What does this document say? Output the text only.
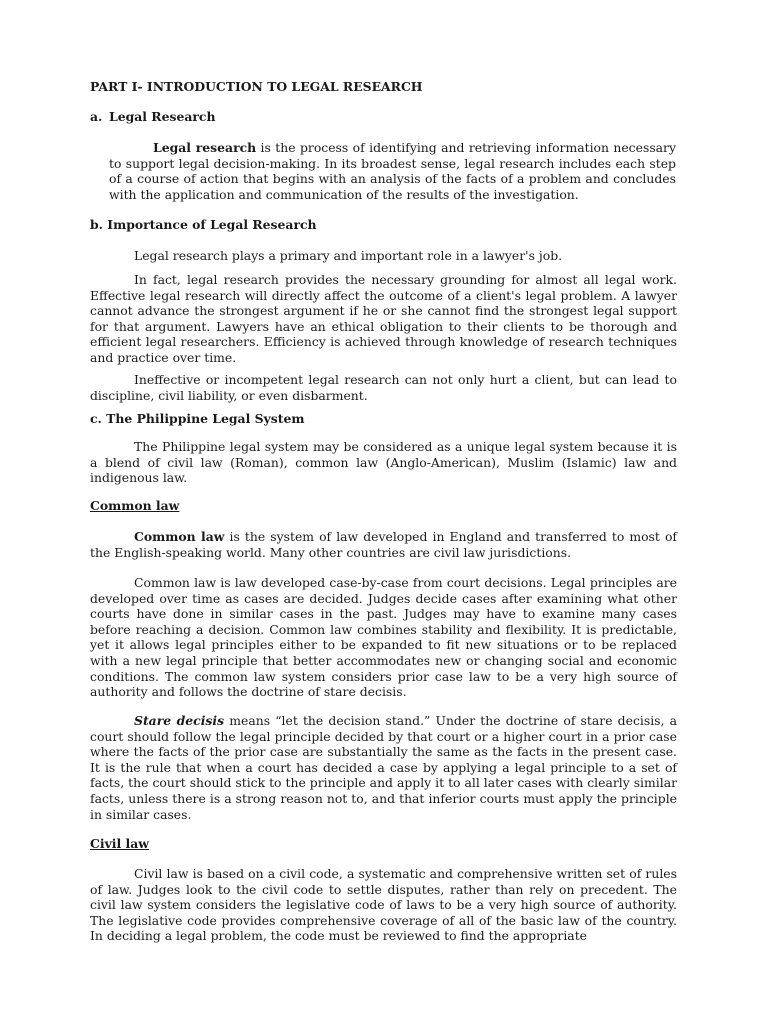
PART I- INTRODUCTION TO LEGAL RESEARCH
a. Legal Research

Legal research is the process of identifying and retrieving information necessary to support legal decision-making. In its broadest sense, legal research includes each step of a course of action that begins with an analysis of the facts of a problem and concludes with the application and communication of the results of the investigation.

b. Importance of Legal Research

Legal research plays a primary and important role in a lawyer's job.

In fact, legal research provides the necessary grounding for almost all legal work. Effective legal research will directly affect the outcome of a client's legal problem. A lawyer cannot advance the strongest argument if he or she cannot find the strongest legal support for that argument. Lawyers have an ethical obligation to their clients to be thorough and efficient legal researchers. Efficiency is achieved through knowledge of research techniques and practice over time.

Ineffective or incompetent legal research can not only hurt a client, but can lead to discipline, civil liability, or even disbarment.

c. The Philippine Legal System

The Philippine legal system may be considered as a unique legal system because it is a blend of civil law (Roman), common law (Anglo-American), Muslim (Islamic) law and indigenous law.

Common law

Common law is the system of law developed in England and transferred to most of the English-speaking world. Many other countries are civil law jurisdictions.

Common law is law developed case-by-case from court decisions. Legal principles are developed over time as cases are decided. Judges decide cases after examining what other courts have done in similar cases in the past. Judges may have to examine many cases before reaching a decision. Common law combines stability and flexibility. It is predictable, yet it allows legal principles either to be expanded to fit new situations or to be replaced with a new legal principle that better accommodates new or changing social and economic conditions. The common law system considers prior case law to be a very high source of authority and follows the doctrine of stare decisis.

Stare decisis means “let the decision stand.” Under the doctrine of stare decisis, a court should follow the legal principle decided by that court or a higher court in a prior case where the facts of the prior case are substantially the same as the facts in the present case. It is the rule that when a court has decided a case by applying a legal principle to a set of facts, the court should stick to the principle and apply it to all later cases with clearly similar facts, unless there is a strong reason not to, and that inferior courts must apply the principle in similar cases.

Civil law

Civil law is based on a civil code, a systematic and comprehensive written set of rules of law. Judges look to the civil code to settle disputes, rather than rely on precedent. The civil law system considers the legislative code of laws to be a very high source of authority. The legislative code provides comprehensive coverage of all of the basic law of the country. In deciding a legal problem, the code must be reviewed to find the appropriate
